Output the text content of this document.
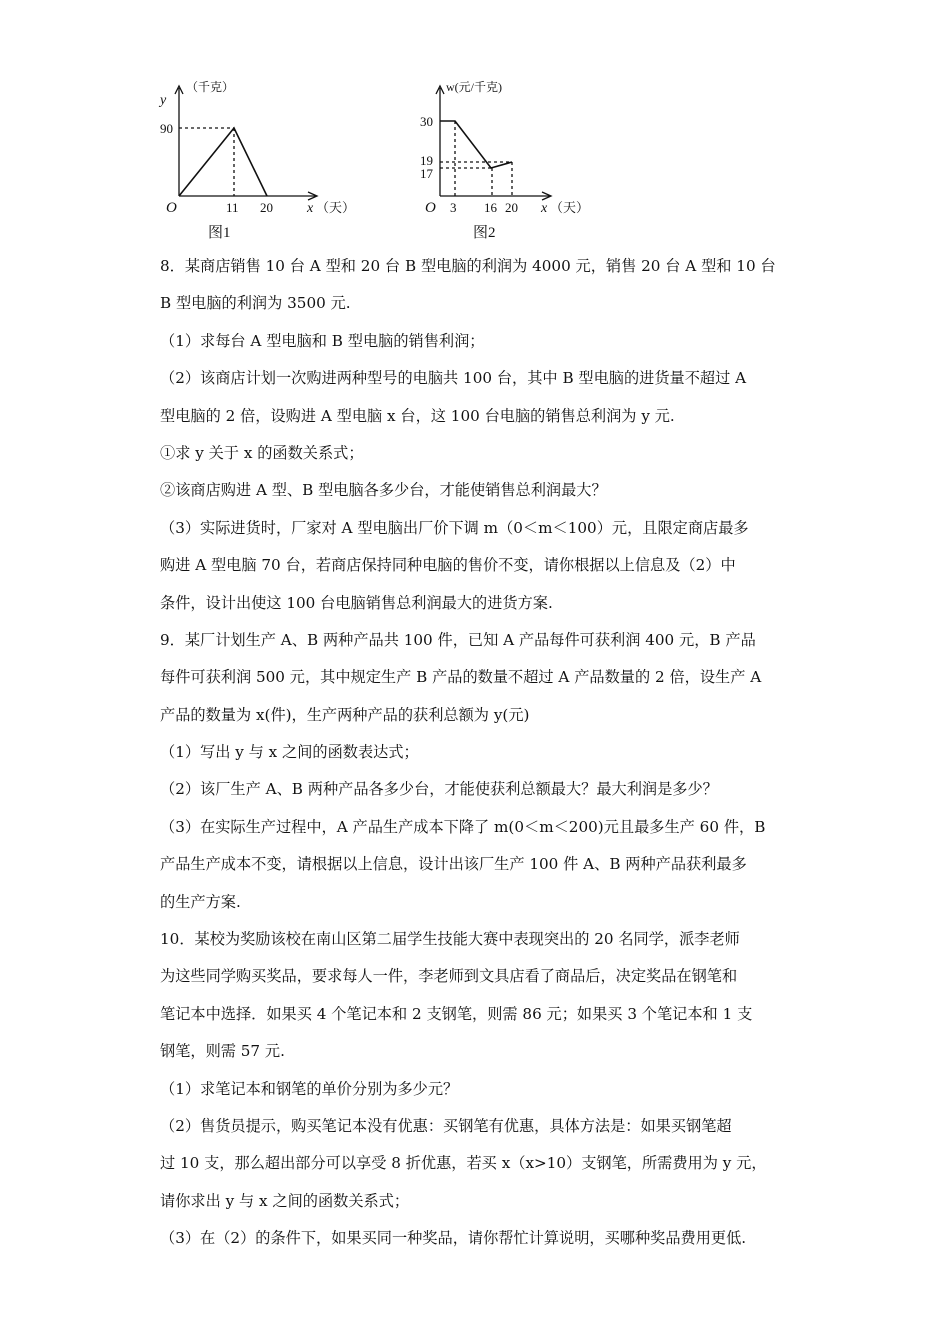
y
（千克）
90
O	11 20 x （天）
图1
w(元/千克)
30
19
17
O 3 16 20 x （天）
图2
8．某商店销售 10 台 A 型和 20 台 B 型电脑的利润为 4000 元，销售 20 台 A 型和 10 台
B 型电脑的利润为 3500 元.
（1）求每台 A 型电脑和 B 型电脑的销售利润；
（2）该商店计划一次购进两种型号的电脑共 100 台，其中 B 型电脑的进货量不超过 A
型电脑的 2 倍，设购进 A 型电脑 x 台，这 100 台电脑的销售总利润为 y 元.
①求 y 关于 x 的函数关系式；
②该商店购进 A 型、B 型电脑各多少台，才能使销售总利润最大？
（3）实际进货时，厂家对 A 型电脑出厂价下调 m（0＜m＜100）元，且限定商店最多
购进 A 型电脑 70 台，若商店保持同种电脑的售价不变，请你根据以上信息及（2）中
条件，设计出使这 100 台电脑销售总利润最大的进货方案.
9．某厂计划生产 A、B 两种产品共 100 件，已知 A 产品每件可获利润 400 元，B 产品
每件可获利润 500 元，其中规定生产 B 产品的数量不超过 A 产品数量的 2 倍，设生产 A
产品的数量为 x(件)，生产两种产品的获利总额为 y(元)
（1）写出 y 与 x 之间的函数表达式；
（2）该厂生产 A、B 两种产品各多少台，才能使获利总额最大？最大利润是多少？
（3）在实际生产过程中，A 产品生产成本下降了 m(0＜m＜200)元且最多生产 60 件，B
产品生产成本不变，请根据以上信息，设计出该厂生产 100 件 A、B 两种产品获利最多
的生产方案.
10．某校为奖励该校在南山区第二届学生技能大赛中表现突出的 20 名同学，派李老师
为这些同学购买奖品，要求每人一件，李老师到文具店看了商品后，决定奖品在钢笔和
笔记本中选择．如果买 4 个笔记本和 2 支钢笔，则需 86 元；如果买 3 个笔记本和 1 支
钢笔，则需 57 元.
（1）求笔记本和钢笔的单价分别为多少元？
（2）售货员提示，购买笔记本没有优惠：买钢笔有优惠，具体方法是：如果买钢笔超
过 10 支，那么超出部分可以享受 8 折优惠，若买 x（x>10）支钢笔，所需费用为 y 元，
请你求出 y 与 x 之间的函数关系式；
（3）在（2）的条件下，如果买同一种奖品，请你帮忙计算说明，买哪种奖品费用更低.
